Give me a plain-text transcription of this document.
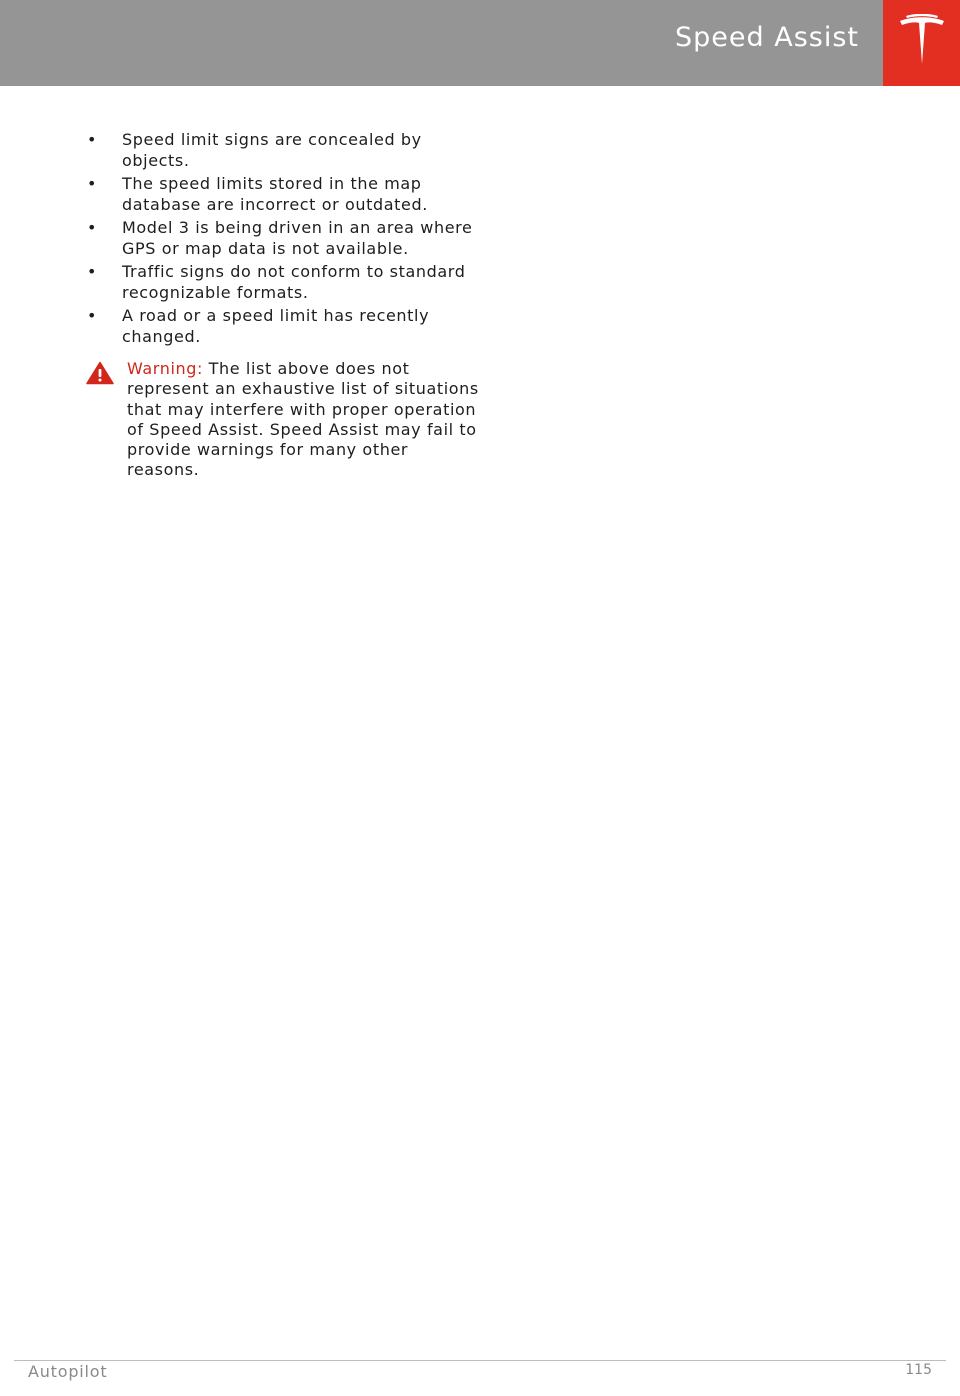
Speed Assist
• Speed limit signs are concealed by objects.
• The speed limits stored in the map database are incorrect or outdated.
• Model 3 is being driven in an area where GPS or map data is not available.
• Traffic signs do not conform to standard recognizable formats.
• A road or a speed limit has recently changed.
Warning: The list above does not represent an exhaustive list of situations that may interfere with proper operation of Speed Assist. Speed Assist may fail to provide warnings for many other reasons.
Autopilot	115
